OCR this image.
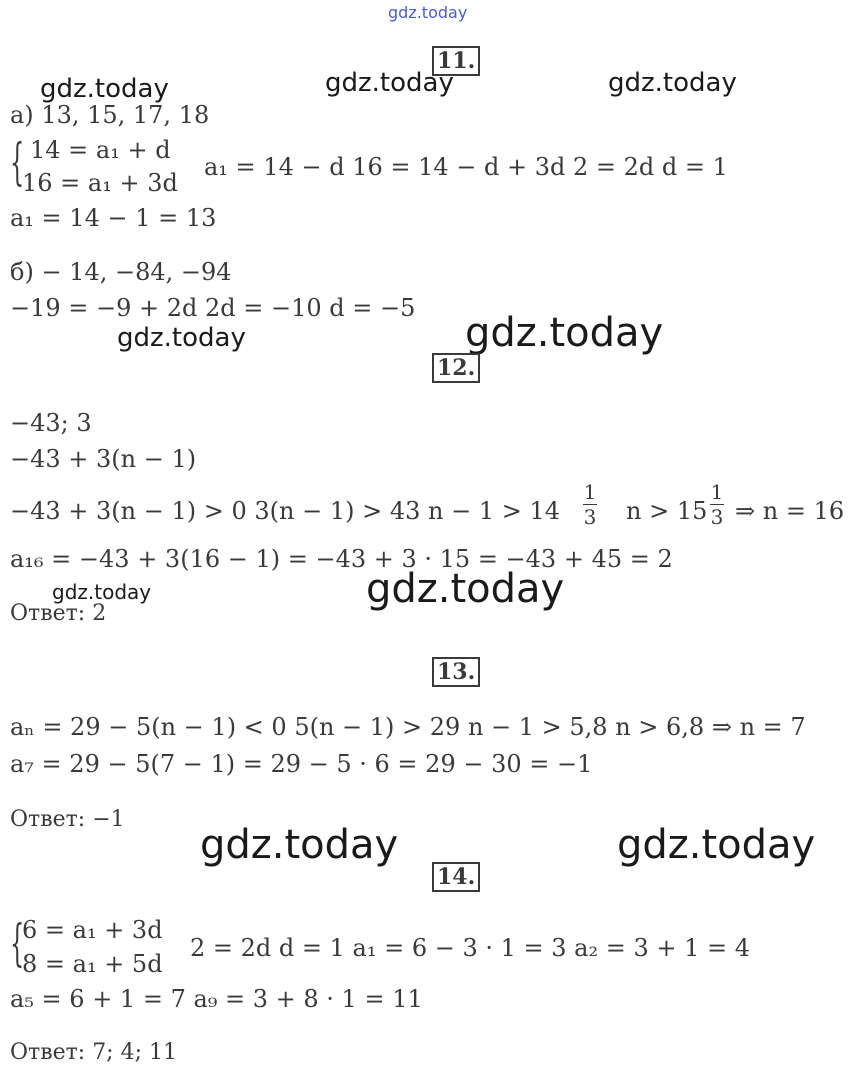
gdz.today
gdz.today	gdz.today	gdz.today
gdz.today	gdz.today
gdz.today	gdz.today
gdz.today	gdz.today
11.
а) 13, 15, 17, 18
{ 14 = a₁ + d
16 = a₁ + 3d
a₁ = 14 − d 16 = 14 − d + 3d 2 = 2d d = 1
a₁ = 14 − 1 = 13
б) − 14, −84, −94
−19 = −9 + 2d 2d = −10 d = −5
12.
−43; 3
−43 + 3(n − 1)
−43 + 3(n − 1) > 0 3(n − 1) > 43 n − 1 > 14
1
3 n > 15
1
3 ⇒ n = 16
a₁₆ = −43 + 3(16 − 1) = −43 + 3 · 15 = −43 + 45 = 2
Ответ: 2
13.
aₙ = 29 − 5(n − 1) < 0 5(n − 1) > 29 n − 1 > 5,8 n > 6,8 ⇒ n = 7
a₇ = 29 − 5(7 − 1) = 29 − 5 · 6 = 29 − 30 = −1
Ответ: −1
14.
{
6 = a₁ + 3d
8 = a₁ + 5d
2 = 2d d = 1 a₁ = 6 − 3 · 1 = 3 a₂ = 3 + 1 = 4
a₅ = 6 + 1 = 7 a₉ = 3 + 8 · 1 = 11
Ответ: 7; 4; 11
